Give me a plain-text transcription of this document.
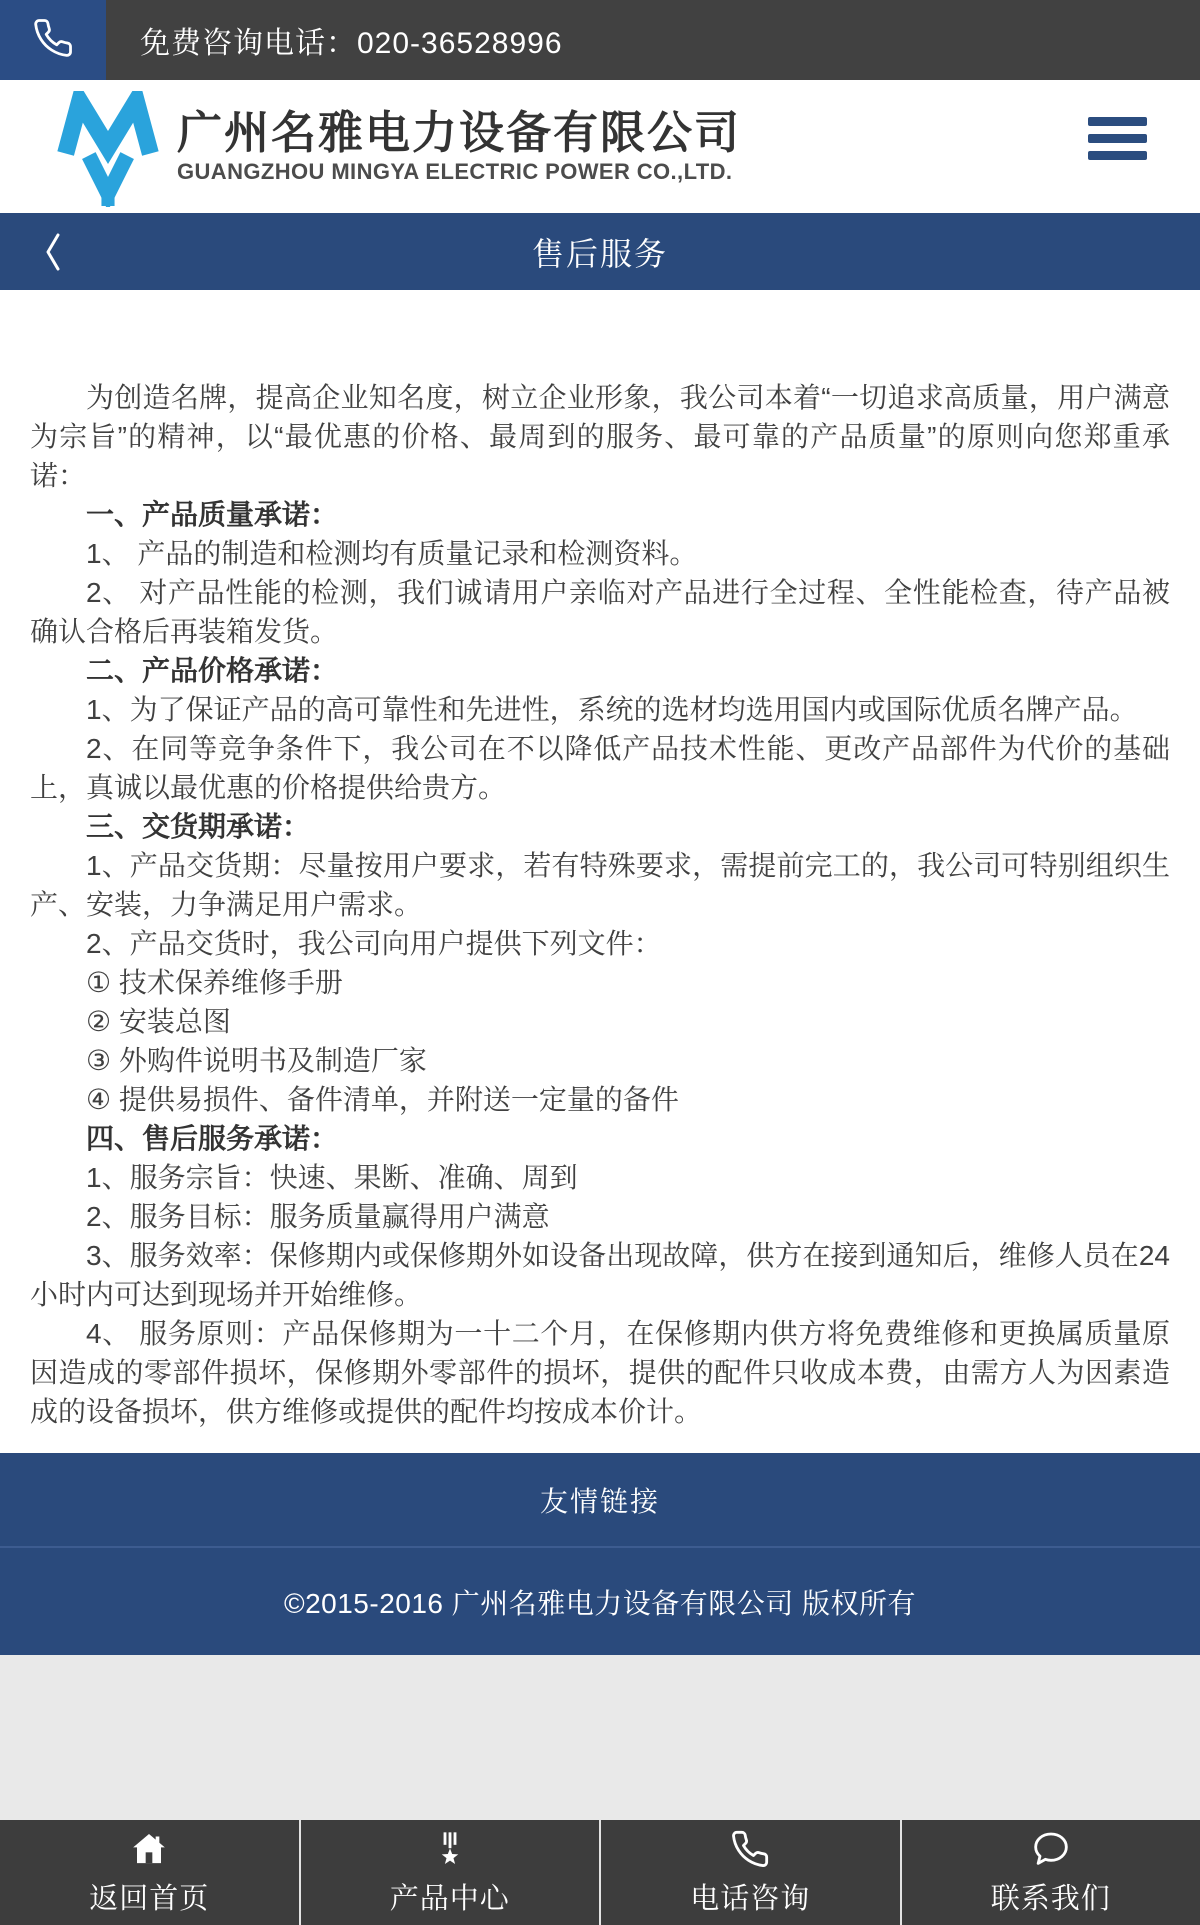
免费咨询电话：020-36528996
广州名雅电力设备有限公司
GUANGZHOU MINGYA ELECTRIC POWER CO.,LTD.
售后服务

为创造名牌，提高企业知名度，树立企业形象，我公司本着“一切追求高质量，用户满意为宗旨”的精神，以“最优惠的价格、最周到的服务、最可靠的产品质量”的原则向您郑重承诺：

一、产品质量承诺：

1、 产品的制造和检测均有质量记录和检测资料。

2、 对产品性能的检测，我们诚请用户亲临对产品进行全过程、全性能检查，待产品被确认合格后再装箱发货。

二、产品价格承诺：

1、为了保证产品的高可靠性和先进性，系统的选材均选用国内或国际优质名牌产品。

2、在同等竞争条件下，我公司在不以降低产品技术性能、更改产品部件为代价的基础上，真诚以最优惠的价格提供给贵方。

三、交货期承诺：

1、产品交货期：尽量按用户要求，若有特殊要求，需提前完工的，我公司可特别组织生产、安装，力争满足用户需求。

2、产品交货时，我公司向用户提供下列文件：

① 技术保养维修手册

② 安装总图

③ 外购件说明书及制造厂家

④ 提供易损件、备件清单，并附送一定量的备件

四、售后服务承诺：

1、服务宗旨：快速、果断、准确、周到

2、服务目标：服务质量赢得用户满意

3、服务效率：保修期内或保修期外如设备出现故障，供方在接到通知后，维修人员在24小时内可达到现场并开始维修。

4、 服务原则：产品保修期为一十二个月，在保修期内供方将免费维修和更换属质量原因造成的零部件损坏，保修期外零部件的损坏，提供的配件只收成本费，由需方人为因素造成的设备损坏，供方维修或提供的配件均按成本价计。

友情链接
©2015-2016 广州名雅电力设备有限公司 版权所有
返回首页	产品中心	电话咨询	联系我们
